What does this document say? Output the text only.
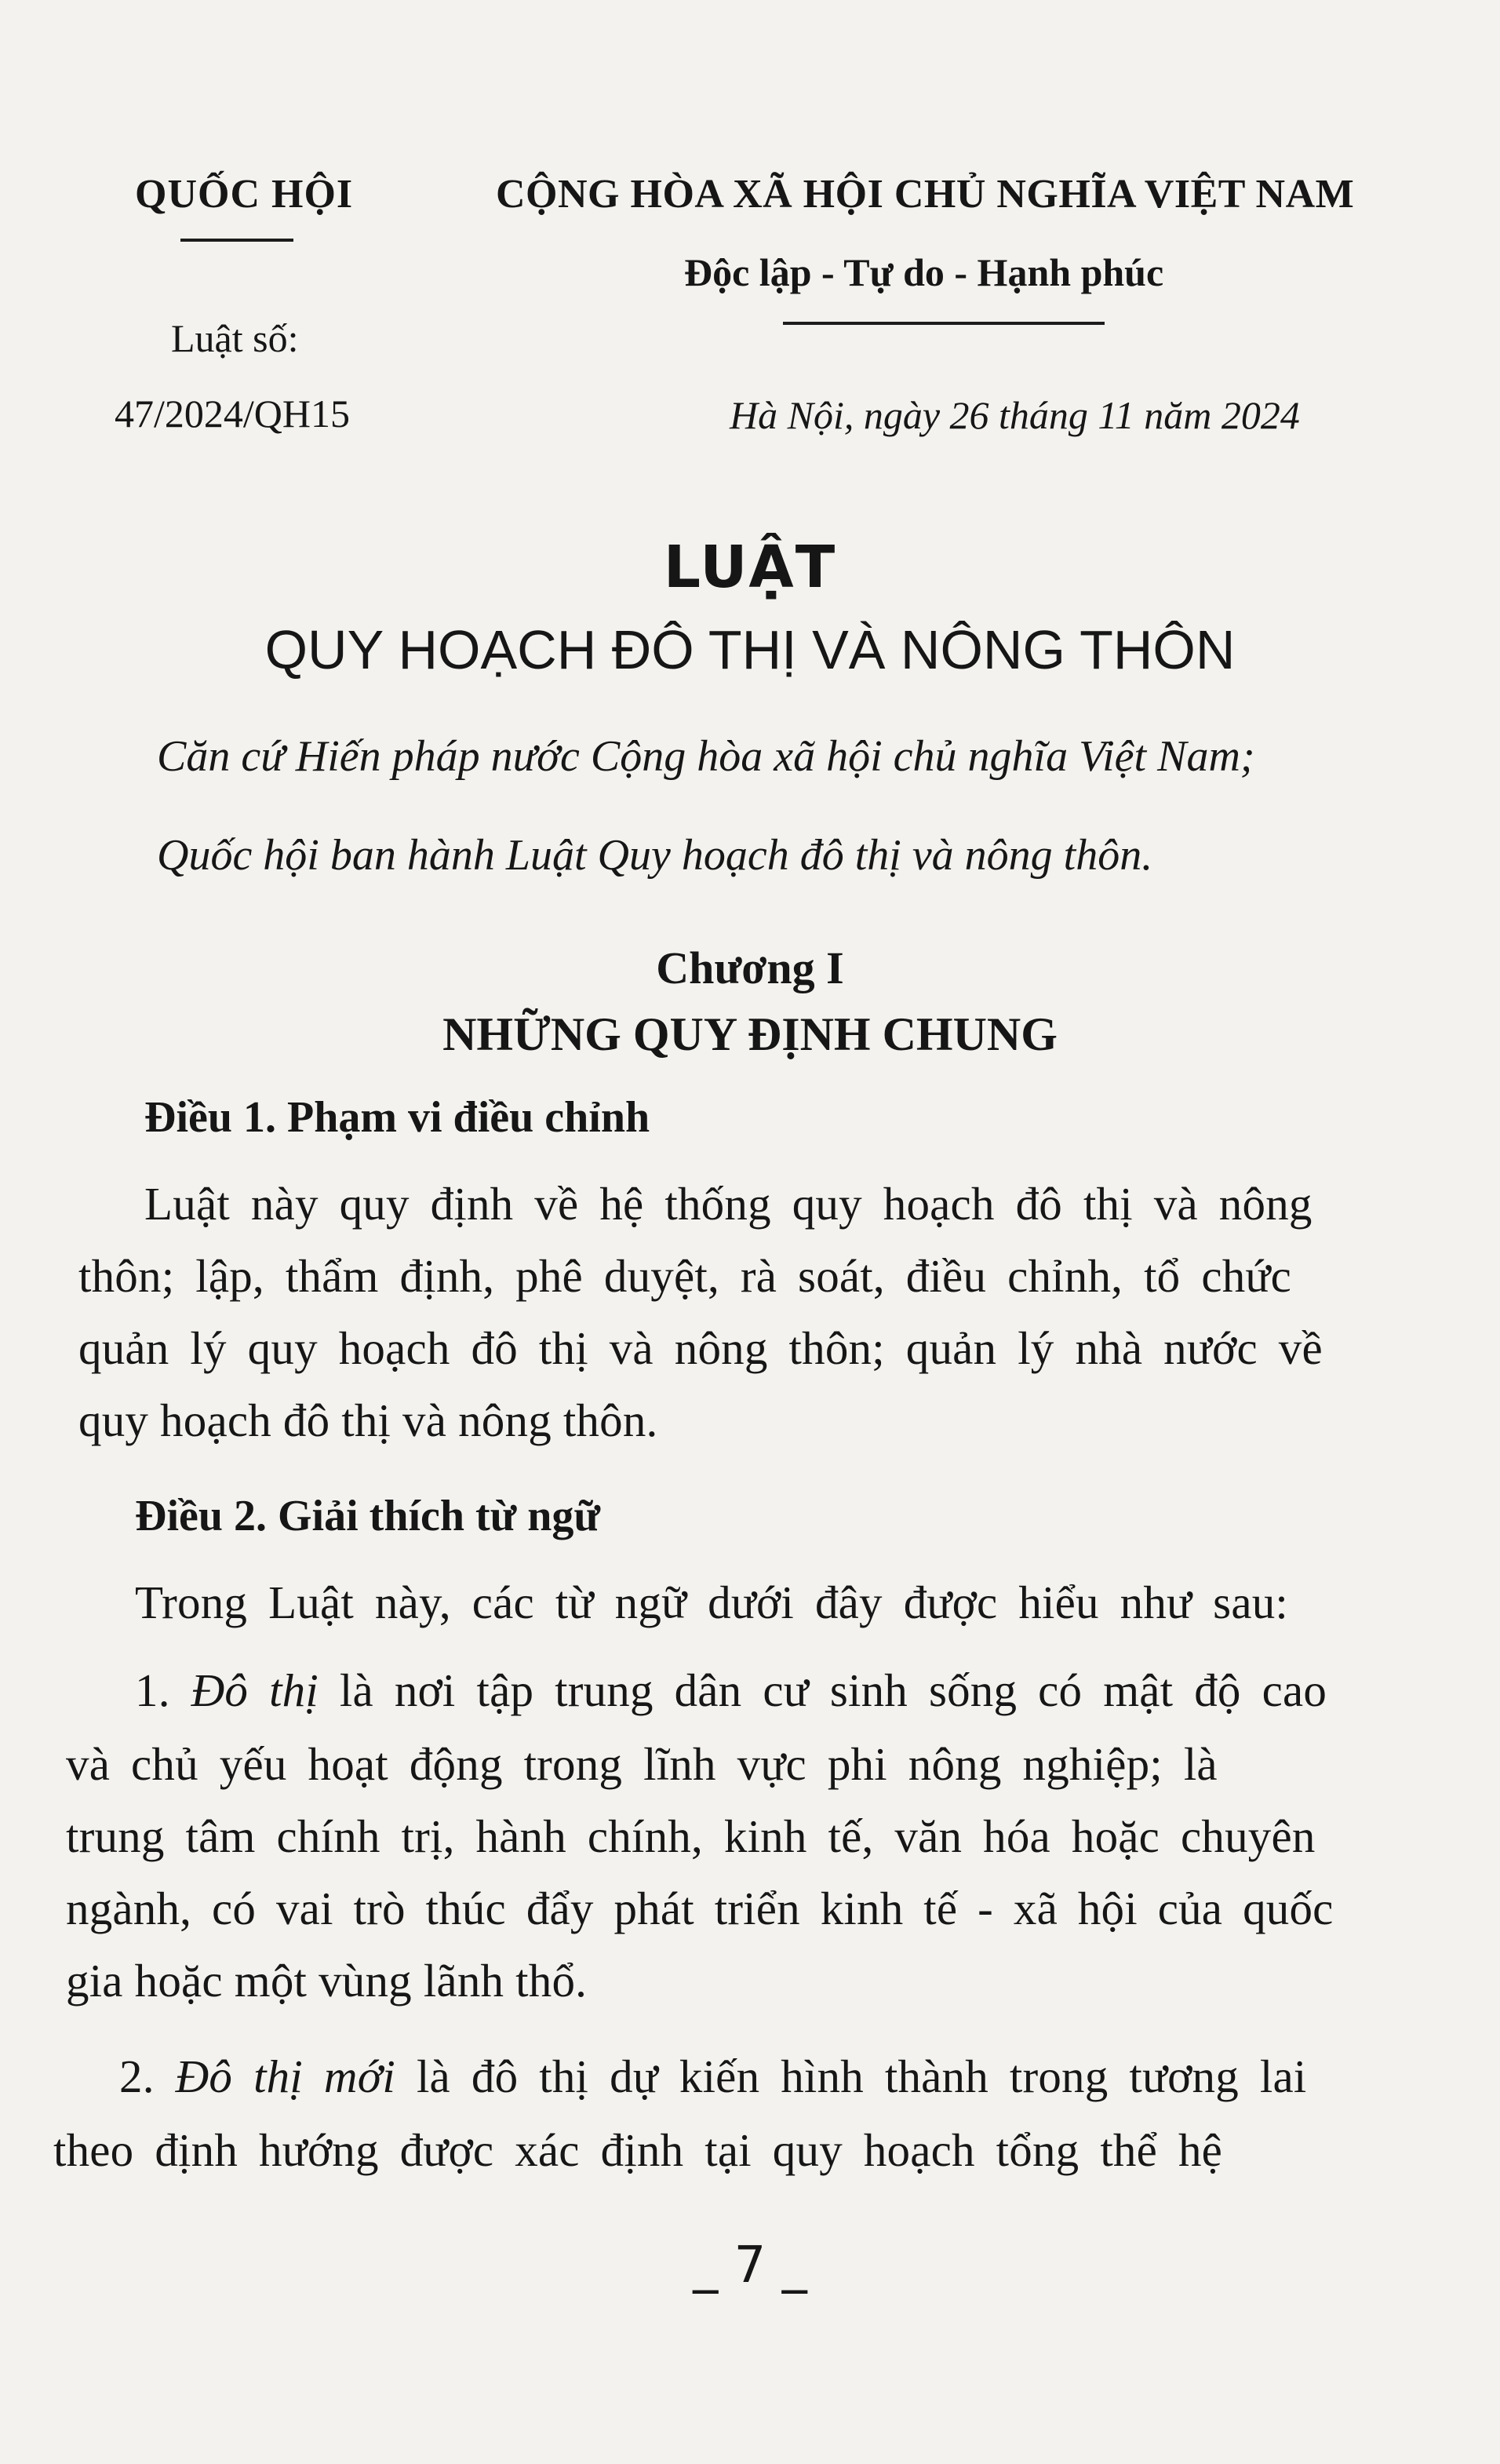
QUỐC HỘI
Luật số:
47/2024/QH15
CỘNG HÒA XÃ HỘI CHỦ NGHĨA VIỆT NAM
Độc lập - Tự do - Hạnh phúc
Hà Nội, ngày 26 tháng 11 năm 2024
LUẬT
QUY HOẠCH ĐÔ THỊ VÀ NÔNG THÔN
Căn cứ Hiến pháp nước Cộng hòa xã hội chủ nghĩa Việt Nam;
Quốc hội ban hành Luật Quy hoạch đô thị và nông thôn.
Chương I
NHỮNG QUY ĐỊNH CHUNG
Điều 1. Phạm vi điều chỉnh
Luật này quy định về hệ thống quy hoạch đô thị và nông
thôn; lập, thẩm định, phê duyệt, rà soát, điều chỉnh, tổ chức
quản lý quy hoạch đô thị và nông thôn; quản lý nhà nước về
quy hoạch đô thị và nông thôn.
Điều 2. Giải thích từ ngữ
Trong Luật này, các từ ngữ dưới đây được hiểu như sau:
1. Đô thị là nơi tập trung dân cư sinh sống có mật độ cao
và chủ yếu hoạt động trong lĩnh vực phi nông nghiệp; là
trung tâm chính trị, hành chính, kinh tế, văn hóa hoặc chuyên
ngành, có vai trò thúc đẩy phát triển kinh tế - xã hội của quốc
gia hoặc một vùng lãnh thổ.
2. Đô thị mới là đô thị dự kiến hình thành trong tương lai
theo định hướng được xác định tại quy hoạch tổng thể hệ
_ 7 _
